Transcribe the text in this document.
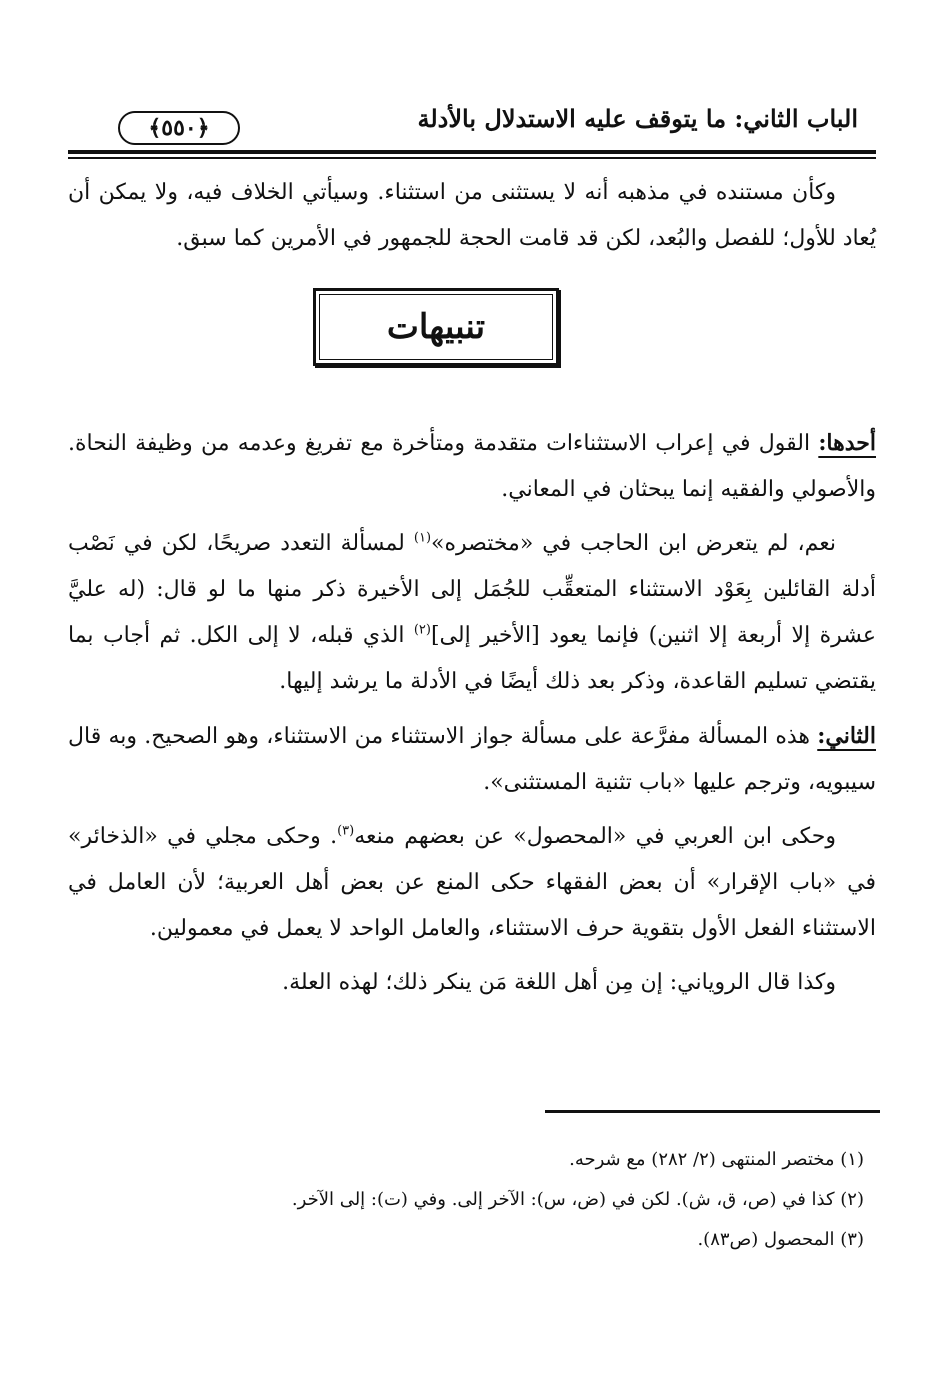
الباب الثاني: ما يتوقف عليه الاستدلال بالأدلة
﴿٥٥٠﴾

وكأن مستنده في مذهبه أنه لا يستثنى من استثناء. وسيأتي الخلاف فيه، ولا يمكن أن يُعاد للأول؛ للفصل والبُعد، لكن قد قامت الحجة للجمهور في الأمرين كما سبق.

تنبيهات

أحدها: القول في إعراب الاستثناءات متقدمة ومتأخرة مع تفريغ وعدمه من وظيفة النحاة. والأصولي والفقيه إنما يبحثان في المعاني.

نعم، لم يتعرض ابن الحاجب في «مختصره»$^{(١)}$ لمسألة التعدد صريحًا، لكن في نَصْب أدلة القائلين بِعَوْد الاستثناء المتعقِّب للجُمَل إلى الأخيرة ذكر منها ما لو قال: (له عليَّ عشرة إلا أربعة إلا اثنين) فإنما يعود [الأخير إلى]$^{(٢)}$ الذي قبله، لا إلى الكل. ثم أجاب بما يقتضي تسليم القاعدة، وذكر بعد ذلك أيضًا في الأدلة ما يرشد إليها.

الثاني: هذه المسألة مفرَّعة على مسألة جواز الاستثناء من الاستثناء، وهو الصحيح. وبه قال سيبويه، وترجم عليها «باب تثنية المستثنى».

وحكى ابن العربي في «المحصول» عن بعضهم منعه$^{(٣)}$. وحكى مجلي في «الذخائر» في «باب الإقرار» أن بعض الفقهاء حكى المنع عن بعض أهل العربية؛ لأن العامل في الاستثناء الفعل الأول بتقوية حرف الاستثناء، والعامل الواحد لا يعمل في معمولين.

وكذا قال الروياني: إن مِن أهل اللغة مَن ينكر ذلك؛ لهذه العلة.

(١) مختصر المنتهى (٢/ ٢٨٢) مع شرحه.

(٢) كذا في (ص، ق، ش). لكن في (ض، س): الآخر إلى. وفي (ت): إلى الآخر.

(٣) المحصول (ص٨٣).
